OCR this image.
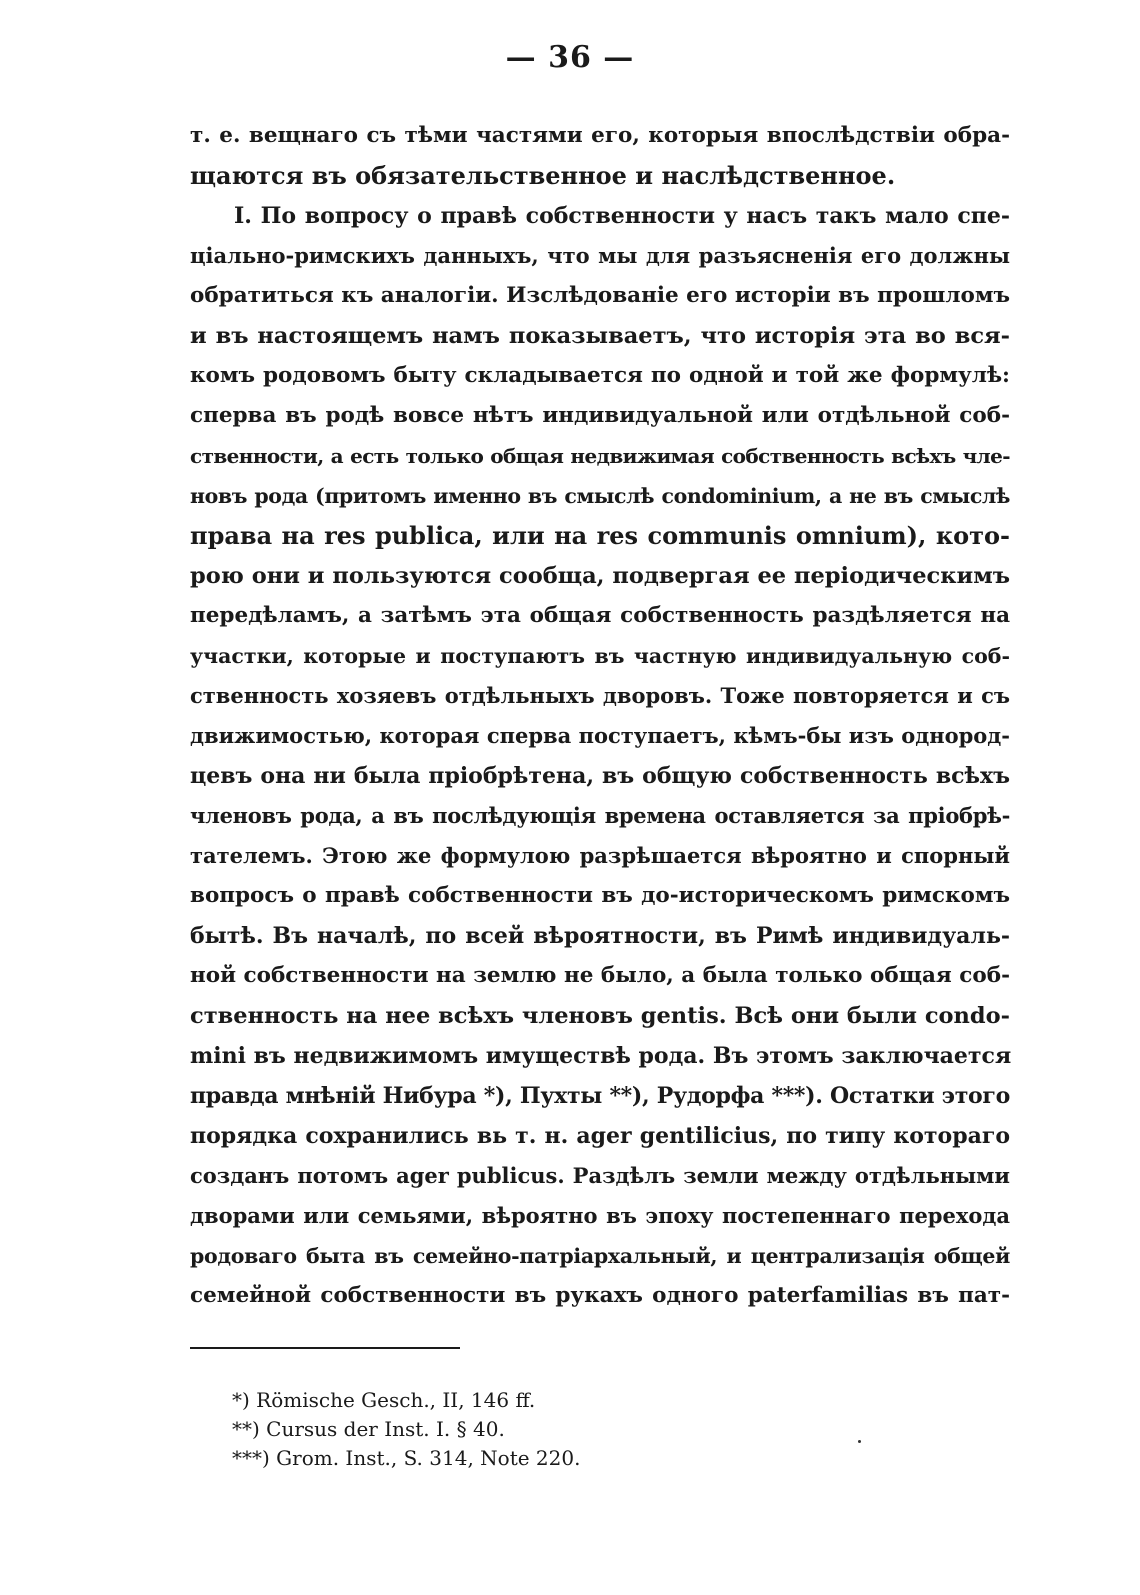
— 36 —
т. е. вещнаго съ тѣми частями его, которыя впослѣдствіи обра-
щаются въ обязательственное и наслѣдственное.
I. По вопросу о правѣ собственности у насъ такъ мало спе-
ціально-римскихъ данныхъ, что мы для разъясненія его должны
обратиться къ аналогіи. Изслѣдованіе его исторіи въ прошломъ
и въ настоящемъ намъ показываетъ, что исторія эта во вся-
комъ родовомъ быту складывается по одной и той же формулѣ:
сперва въ родѣ вовсе нѣтъ индивидуальной или отдѣльной соб-
ственности, а есть только общая недвижимая собственность всѣхъ чле-
новъ рода (притомъ именно въ смыслѣ condominium, а не въ смыслѣ
права на res publica, или на res communis omnium), кото-
рою они и пользуются сообща, подвергая ее періодическимъ
передѣламъ, а затѣмъ эта общая собственность раздѣляется на
участки, которые и поступаютъ въ частную индивидуальную соб-
ственность хозяевъ отдѣльныхъ дворовъ. Тоже повторяется и съ
движимостью, которая сперва поступаетъ, кѣмъ-бы изъ однород-
цевъ она ни была пріобрѣтена, въ общую собственность всѣхъ
членовъ рода, а въ послѣдующія времена оставляется за пріобрѣ-
тателемъ. Этою же формулою разрѣшается вѣроятно и спорный
вопросъ о правѣ собственности въ до-историческомъ римскомъ
бытѣ. Въ началѣ, по всей вѣроятности, въ Римѣ индивидуаль-
ной собственности на землю не было, а была только общая соб-
ственность на нее всѣхъ членовъ gentis. Всѣ они были condo-
mini въ недвижимомъ имуществѣ рода. Въ этомъ заключается
правда мнѣній Нибура *), Пухты **), Рудорфа ***). Остатки этого
порядка сохранились вь т. н. ager gentilicius, по типу котораго
созданъ потомъ ager publicus. Раздѣлъ земли между отдѣльными
дворами или семьями, вѣроятно въ эпоху постепеннаго перехода
родоваго быта въ семейно-патріархальный, и централизація общей
семейной собственности въ рукахъ одного paterfamilias въ пат-
*) Römische Gesch., II, 146 ff.
**) Cursus der Inst. I. § 40.
***) Grom. Inst., S. 314, Note 220.
